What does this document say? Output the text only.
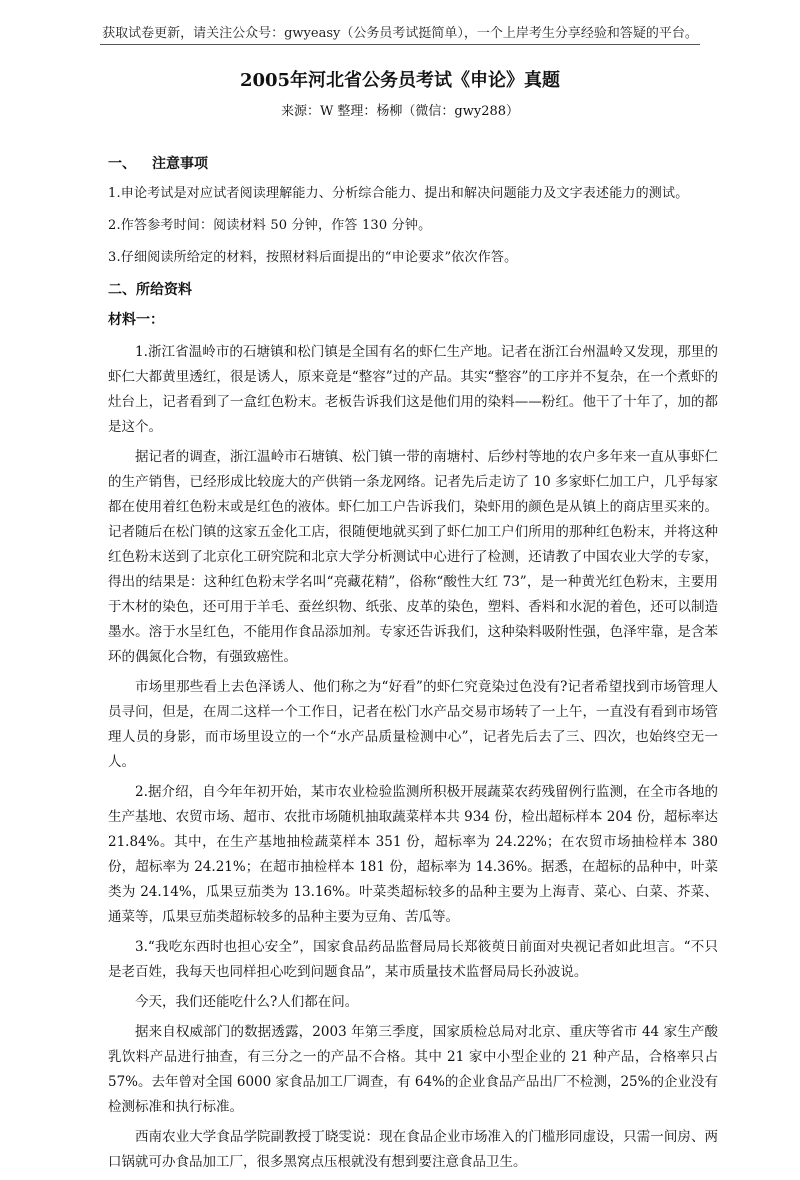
获取试卷更新，请关注公众号：gwyeasy（公务员考试挺简单），一个上岸考生分享经验和答疑的平台。
2005年河北省公务员考试《申论》真题
来源：W 整理：杨柳（微信：gwy288）
一、 注意事项
1.申论考试是对应试者阅读理解能力、分析综合能力、提出和解决问题能力及文字表述能力的测试。
2.作答参考时间：阅读材料 50 分钟，作答 130 分钟。
3.仔细阅读所给定的材料，按照材料后面提出的“申论要求”依次作答。
二、所给资料
材料一：

1.浙江省温岭市的石塘镇和松门镇是全国有名的虾仁生产地。记者在浙江台州温岭又发现，那里的虾仁大都黄里透红，很是诱人，原来竟是“整容”过的产品。其实“整容”的工序并不复杂，在一个煮虾的灶台上，记者看到了一盒红色粉末。老板告诉我们这是他们用的染料——粉红。他干了十年了，加的都是这个。

据记者的调查，浙江温岭市石塘镇、松门镇一带的南塘村、后纱村等地的农户多年来一直从事虾仁的生产销售，已经形成比较庞大的产供销一条龙网络。记者先后走访了 10 多家虾仁加工户，几乎每家都在使用着红色粉末或是红色的液体。虾仁加工户告诉我们，染虾用的颜色是从镇上的商店里买来的。记者随后在松门镇的这家五金化工店，很随便地就买到了虾仁加工户们所用的那种红色粉末，并将这种红色粉末送到了北京化工研究院和北京大学分析测试中心进行了检测，还请教了中国农业大学的专家，得出的结果是：这种红色粉末学名叫“亮藏花精”，俗称“酸性大红 73”，是一种黄光红色粉末，主要用于木材的染色，还可用于羊毛、蚕丝织物、纸张、皮革的染色，塑料、香料和水泥的着色，还可以制造墨水。溶于水呈红色，不能用作食品添加剂。专家还告诉我们，这种染料吸附性强，色泽牢靠，是含苯环的偶氮化合物，有强致癌性。

市场里那些看上去色泽诱人、他们称之为“好看”的虾仁究竟染过色没有?记者希望找到市场管理人员寻问，但是，在周二这样一个工作日，记者在松门水产品交易市场转了一上午，一直没有看到市场管理人员的身影，而市场里设立的一个“水产品质量检测中心”，记者先后去了三、四次，也始终空无一人。

2.据介绍，自今年年初开始，某市农业检验监测所积极开展蔬菜农药残留例行监测，在全市各地的生产基地、农贸市场、超市、农批市场随机抽取蔬菜样本共 934 份，检出超标样本 204 份，超标率达 21.84%。其中，在生产基地抽检蔬菜样本 351 份，超标率为 24.22%；在农贸市场抽检样本 380 份，超标率为 24.21%；在超市抽检样本 181 份，超标率为 14.36%。据悉，在超标的品种中，叶菜类为 24.14%，瓜果豆茄类为 13.16%。叶菜类超标较多的品种主要为上海青、菜心、白菜、芥菜、通菜等，瓜果豆茄类超标较多的品种主要为豆角、苦瓜等。

3.“我吃东西时也担心安全”，国家食品药品监督局局长郑筱萸日前面对央视记者如此坦言。“不只是老百姓，我每天也同样担心吃到问题食品”，某市质量技术监督局局长孙波说。

今天，我们还能吃什么?人们都在问。

据来自权威部门的数据透露，2003 年第三季度，国家质检总局对北京、重庆等省市 44 家生产酸乳饮料产品进行抽查，有三分之一的产品不合格。其中 21 家中小型企业的 21 种产品，合格率只占 57%。去年曾对全国 6000 家食品加工厂调查，有 64%的企业食品产品出厂不检测，25%的企业没有检测标准和执行标准。

西南农业大学食品学院副教授丁晓雯说：现在食品企业市场准入的门槛形同虚设，只需一间房、两口锅就可办食品加工厂，很多黑窝点压根就没有想到要注意食品卫生。
